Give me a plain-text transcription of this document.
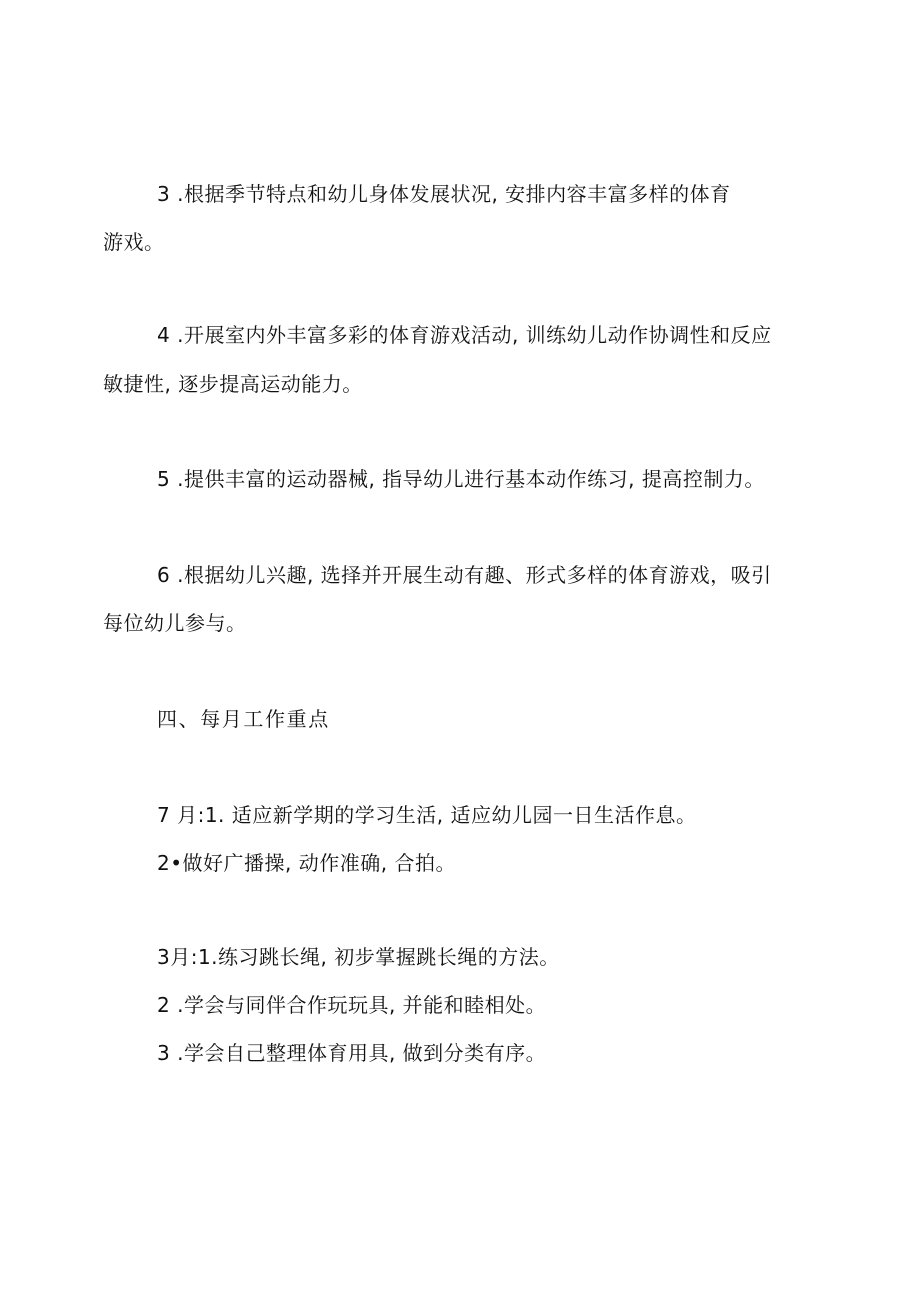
3 .根据季节特点和幼儿身体发展状况, 安排内容丰富多样的体育
游戏。
4 .开展室内外丰富多彩的体育游戏活动, 训练幼儿动作协调性和反应
敏捷性, 逐步提高运动能力。
5 .提供丰富的运动器械, 指导幼儿进行基本动作练习, 提高控制力。
6 .根据幼儿兴趣, 选择并开展生动有趣、形式多样的体育游戏，吸引
每位幼儿参与。
四、每月工作重点
7 月:1. 适应新学期的学习生活, 适应幼儿园一日生活作息。
2•做好广播操, 动作准确, 合拍。
3月:1.练习跳长绳, 初步掌握跳长绳的方法。
2 .学会与同伴合作玩玩具, 并能和睦相处。
3 .学会自己整理体育用具, 做到分类有序。
